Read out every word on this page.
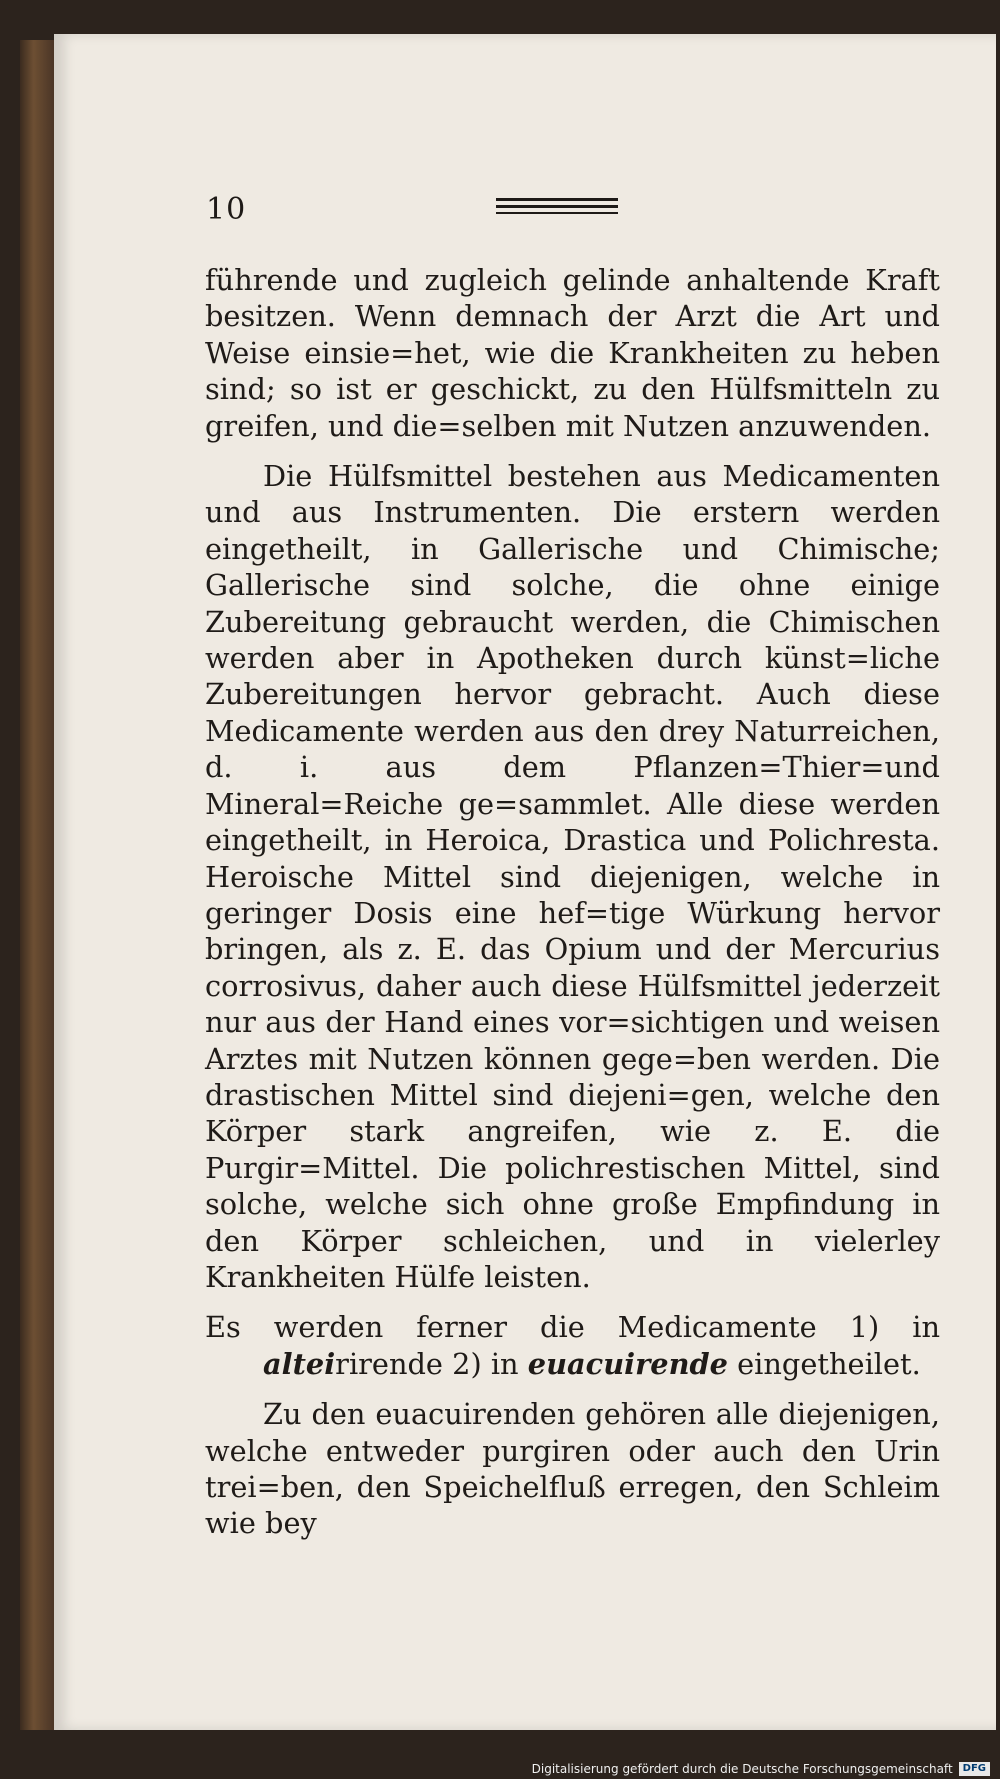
10

führende und zugleich gelinde anhaltende Kraft besitzen. Wenn demnach der Arzt die Art und Weise einsie=het, wie die Krankheiten zu heben sind; so ist er geschickt, zu den Hülfsmitteln zu greifen, und die=selben mit Nutzen anzuwenden.

Die Hülfsmittel bestehen aus Medicamenten und aus Instrumenten. Die erstern werden eingetheilt, in Gallerische und Chimische; Gallerische sind solche, die ohne einige Zubereitung gebraucht werden, die Chimischen werden aber in Apotheken durch künst=liche Zubereitungen hervor gebracht. Auch diese Medicamente werden aus den drey Naturreichen, d. i. aus dem Pflanzen=Thier=und Mineral=Reiche ge=sammlet. Alle diese werden eingetheilt, in Heroica, Drastica und Polichresta. Heroische Mittel sind diejenigen, welche in geringer Dosis eine hef=tige Würkung hervor bringen, als z. E. das Opium und der Mercurius corrosivus, daher auch diese Hülfsmittel jederzeit nur aus der Hand eines vor=sichtigen und weisen Arztes mit Nutzen können gege=ben werden. Die drastischen Mittel sind diejeni=gen, welche den Körper stark angreifen, wie z. E. die Purgir=Mittel. Die polichrestischen Mittel, sind solche, welche sich ohne große Empfindung in den Körper schleichen, und in vielerley Krankheiten Hülfe leisten.

Es werden ferner die Medicamente 1) in alteirirende 2) in euacuirende eingetheilet.

Zu den euacuirenden gehören alle diejenigen, welche entweder purgiren oder auch den Urin trei=ben, den Speichelfluß erregen, den Schleim wie bey

Digitalisierung gefördert durch die Deutsche Forschungsgemeinschaft	DFG
